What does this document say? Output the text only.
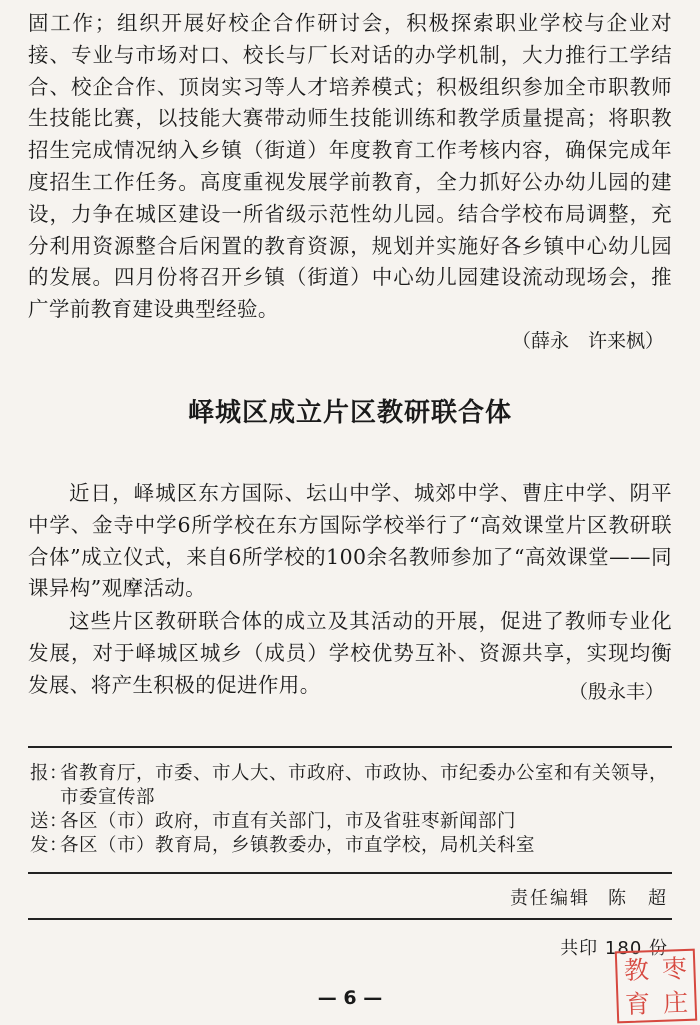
固工作；组织开展好校企合作研讨会，积极探索职业学校与企业对接、专业与市场对口、校长与厂长对话的办学机制，大力推行工学结合、校企合作、顶岗实习等人才培养模式；积极组织参加全市职教师生技能比赛，以技能大赛带动师生技能训练和教学质量提高；将职教招生完成情况纳入乡镇（街道）年度教育工作考核内容，确保完成年度招生工作任务。高度重视发展学前教育，全力抓好公办幼儿园的建设，力争在城区建设一所省级示范性幼儿园。结合学校布局调整，充分利用资源整合后闲置的教育资源，规划并实施好各乡镇中心幼儿园的发展。四月份将召开乡镇（街道）中心幼儿园建设流动现场会，推广学前教育建设典型经验。

（薛永　许来枫）
峄城区成立片区教研联合体

近日，峄城区东方国际、坛山中学、城郊中学、曹庄中学、阴平中学、金寺中学6所学校在东方国际学校举行了“高效课堂片区教研联合体”成立仪式，来自6所学校的100余名教师参加了“高效课堂——同课异构”观摩活动。

这些片区教研联合体的成立及其活动的开展，促进了教师专业化发展，对于峄城区城乡（成员）学校优势互补、资源共享，实现均衡发展、将产生积极的促进作用。	（殷永丰）
报：
省教育厅，市委、市人大、市政府、市政协、市纪委办公室和有关领导，市委宣传部
送：
各区（市）政府，市直有关部门，市及省驻枣新闻部门
发：
各区（市）教育局，乡镇教委办，市直学校，局机关科室
责任编辑 陈　超
共印 180 份
— 6 —
教 枣
育 庄
